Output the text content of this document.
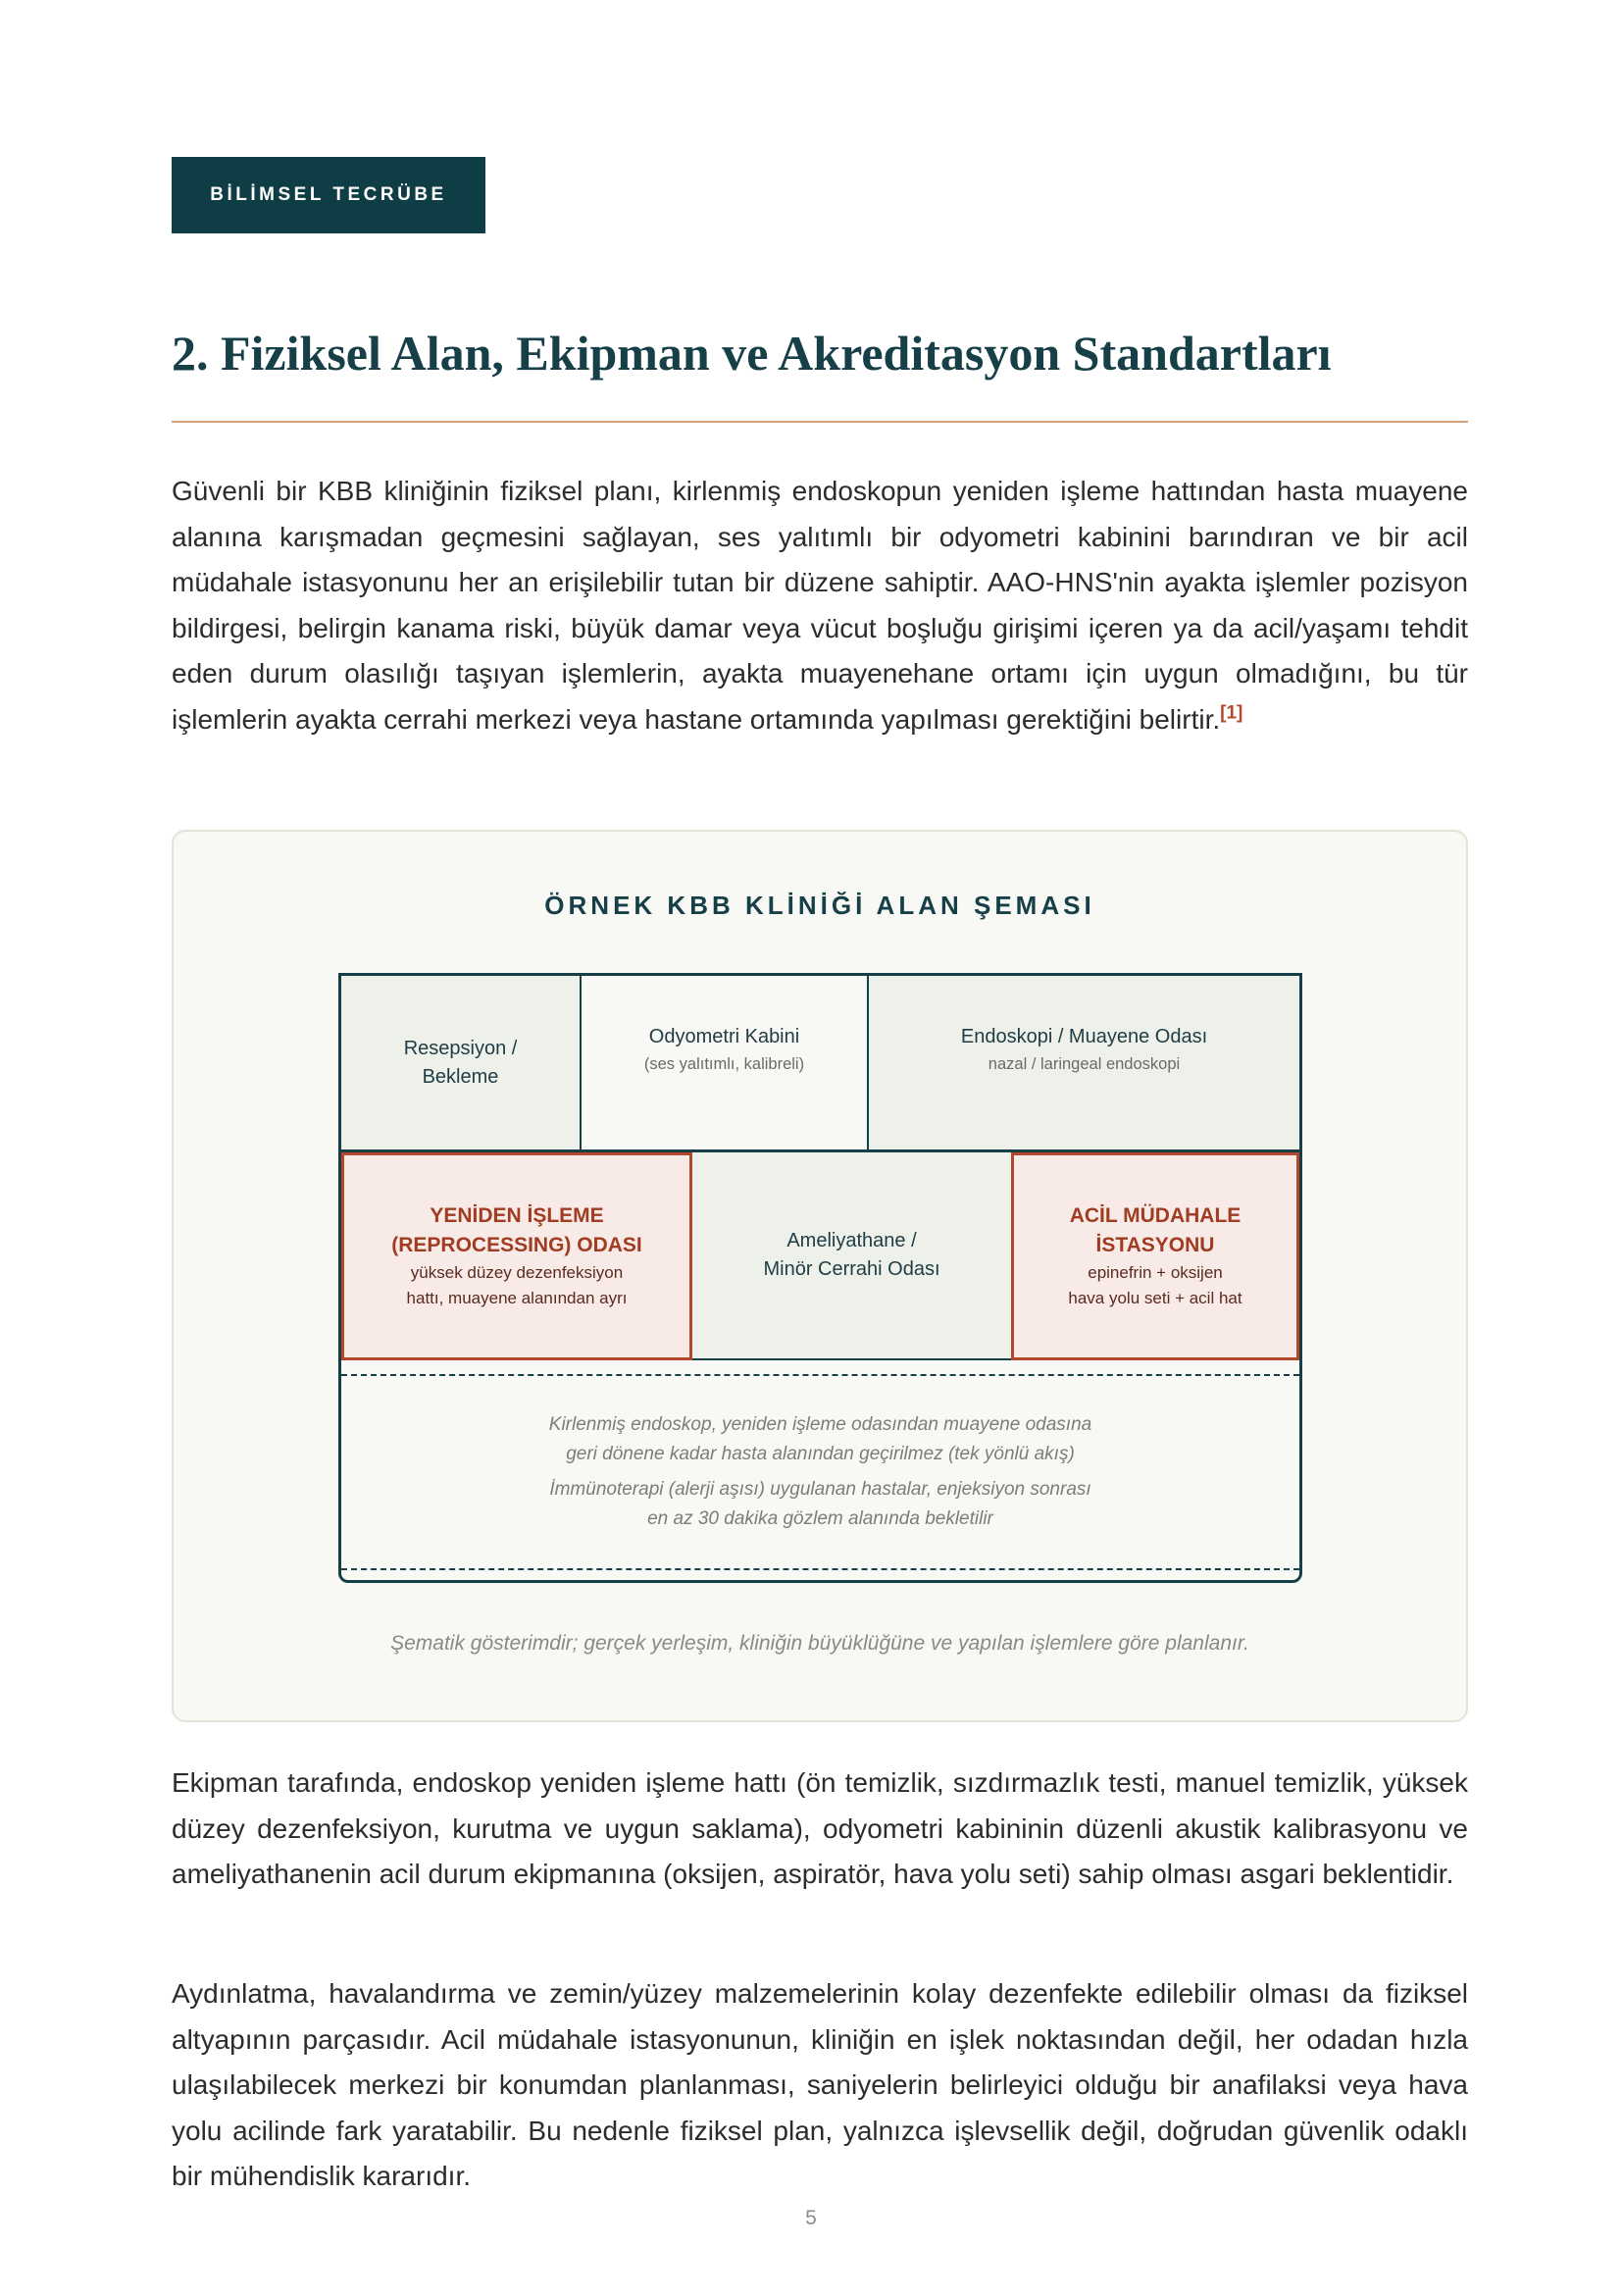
BİLİMSEL TECRÜBE
2. Fiziksel Alan, Ekipman ve Akreditasyon Standartları

Güvenli bir KBB kliniğinin fiziksel planı, kirlenmiş endoskopun yeniden işleme hattından hasta muayene alanına karışmadan geçmesini sağlayan, ses yalıtımlı bir odyometri kabinini barındıran ve bir acil müdahale istasyonunu her an erişilebilir tutan bir düzene sahiptir. AAO-HNS'nin ayakta işlemler pozisyon bildirgesi, belirgin kanama riski, büyük damar veya vücut boşluğu girişimi içeren ya da acil/yaşamı tehdit eden durum olasılığı taşıyan işlemlerin, ayakta muayenehane ortamı için uygun olmadığını, bu tür işlemlerin ayakta cerrahi merkezi veya hastane ortamında yapılması gerektiğini belirtir.[1]

ÖRNEK KBB KLİNİĞİ ALAN ŞEMASI
Resepsiyon /
Bekleme
Odyometri Kabini
(ses yalıtımlı, kalibreli)
Endoskopi / Muayene Odası
nazal / laringeal endoskopi
YENİDEN İŞLEME
(REPROCESSING) ODASI
yüksek düzey dezenfeksiyon
hattı, muayene alanından ayrı
Ameliyathane /
Minör Cerrahi Odası
ACİL MÜDAHALE
İSTASYONU
epinefrin + oksijen
hava yolu seti + acil hat
Kirlenmiş endoskop, yeniden işleme odasından muayene odasına
geri dönene kadar hasta alanından geçirilmez (tek yönlü akış)
İmmünoterapi (alerji aşısı) uygulanan hastalar, enjeksiyon sonrası
en az 30 dakika gözlem alanında bekletilir
Şematik gösterimdir; gerçek yerleşim, kliniğin büyüklüğüne ve yapılan işlemlere göre planlanır.

Ekipman tarafında, endoskop yeniden işleme hattı (ön temizlik, sızdırmazlık testi, manuel temizlik, yüksek düzey dezenfeksiyon, kurutma ve uygun saklama), odyometri kabininin düzenli akustik kalibrasyonu ve ameliyathanenin acil durum ekipmanına (oksijen, aspiratör, hava yolu seti) sahip olması asgari beklentidir.

Aydınlatma, havalandırma ve zemin/yüzey malzemelerinin kolay dezenfekte edilebilir olması da fiziksel altyapının parçasıdır. Acil müdahale istasyonunun, kliniğin en işlek noktasından değil, her odadan hızla ulaşılabilecek merkezi bir konumdan planlanması, saniyelerin belirleyici olduğu bir anafilaksi veya hava yolu acilinde fark yaratabilir. Bu nedenle fiziksel plan, yalnızca işlevsellik değil, doğrudan güvenlik odaklı bir mühendislik kararıdır.

5
